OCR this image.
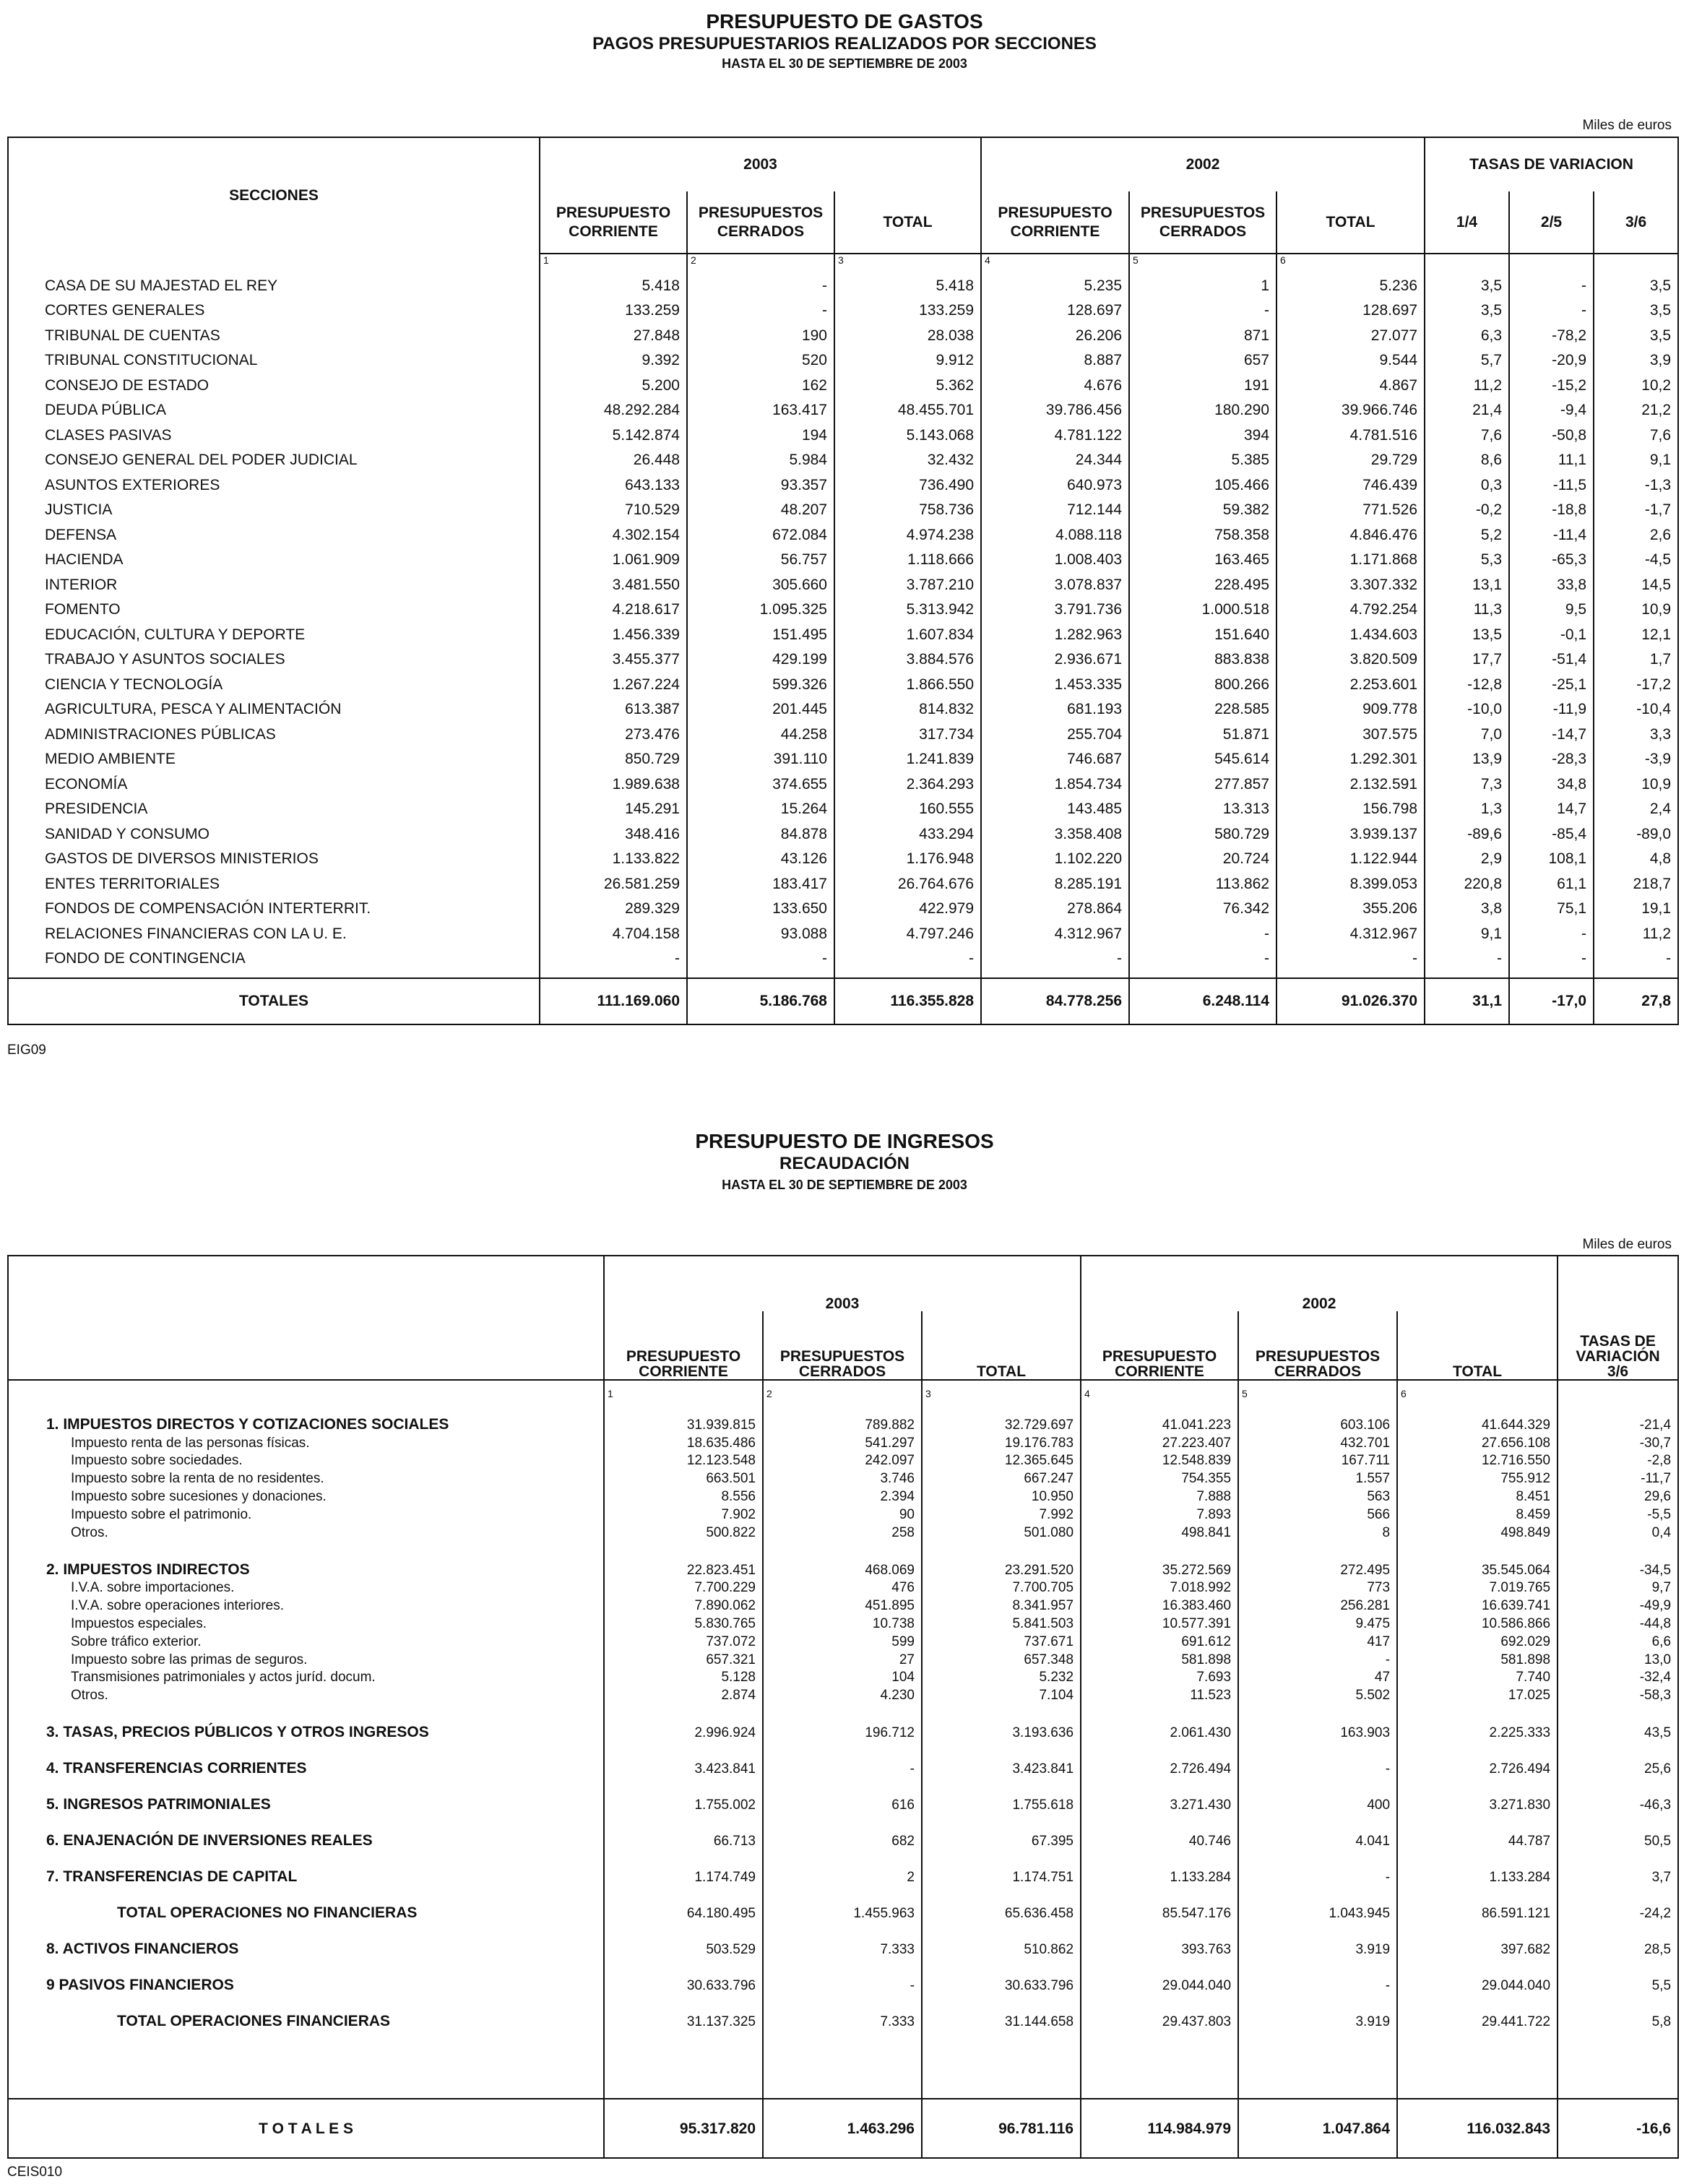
PRESUPUESTO DE GASTOS
PAGOS PRESUPUESTARIOS REALIZADOS POR SECCIONES
HASTA EL 30 DE SEPTIEMBRE DE 2003
Miles de euros
SECCIONES	2003			2002			TASAS DE VARIACION		
	PRESUPUESTO CORRIENTE	PRESUPUESTOS CERRADOS	TOTAL	PRESUPUESTO CORRIENTE	PRESUPUESTOS CERRADOS	TOTAL	1/4	2/5	3/6
	1	2	3	4	5	6			
CASA DE SU MAJESTAD EL REY	5.418	-	5.418	5.235	1	5.236	3,5	-	3,5
CORTES GENERALES	133.259	-	133.259	128.697	-	128.697	3,5	-	3,5
TRIBUNAL DE CUENTAS	27.848	190	28.038	26.206	871	27.077	6,3	-78,2	3,5
TRIBUNAL CONSTITUCIONAL	9.392	520	9.912	8.887	657	9.544	5,7	-20,9	3,9
CONSEJO DE ESTADO	5.200	162	5.362	4.676	191	4.867	11,2	-15,2	10,2
DEUDA PÚBLICA	48.292.284	163.417	48.455.701	39.786.456	180.290	39.966.746	21,4	-9,4	21,2
CLASES PASIVAS	5.142.874	194	5.143.068	4.781.122	394	4.781.516	7,6	-50,8	7,6
CONSEJO GENERAL DEL PODER JUDICIAL	26.448	5.984	32.432	24.344	5.385	29.729	8,6	11,1	9,1
ASUNTOS EXTERIORES	643.133	93.357	736.490	640.973	105.466	746.439	0,3	-11,5	-1,3
JUSTICIA	710.529	48.207	758.736	712.144	59.382	771.526	-0,2	-18,8	-1,7
DEFENSA	4.302.154	672.084	4.974.238	4.088.118	758.358	4.846.476	5,2	-11,4	2,6
HACIENDA	1.061.909	56.757	1.118.666	1.008.403	163.465	1.171.868	5,3	-65,3	-4,5
INTERIOR	3.481.550	305.660	3.787.210	3.078.837	228.495	3.307.332	13,1	33,8	14,5
FOMENTO	4.218.617	1.095.325	5.313.942	3.791.736	1.000.518	4.792.254	11,3	9,5	10,9
EDUCACIÓN, CULTURA Y DEPORTE	1.456.339	151.495	1.607.834	1.282.963	151.640	1.434.603	13,5	-0,1	12,1
TRABAJO Y ASUNTOS SOCIALES	3.455.377	429.199	3.884.576	2.936.671	883.838	3.820.509	17,7	-51,4	1,7
CIENCIA Y TECNOLOGÍA	1.267.224	599.326	1.866.550	1.453.335	800.266	2.253.601	-12,8	-25,1	-17,2
AGRICULTURA, PESCA Y ALIMENTACIÓN	613.387	201.445	814.832	681.193	228.585	909.778	-10,0	-11,9	-10,4
ADMINISTRACIONES PÚBLICAS	273.476	44.258	317.734	255.704	51.871	307.575	7,0	-14,7	3,3
MEDIO AMBIENTE	850.729	391.110	1.241.839	746.687	545.614	1.292.301	13,9	-28,3	-3,9
ECONOMÍA	1.989.638	374.655	2.364.293	1.854.734	277.857	2.132.591	7,3	34,8	10,9
PRESIDENCIA	145.291	15.264	160.555	143.485	13.313	156.798	1,3	14,7	2,4
SANIDAD Y CONSUMO	348.416	84.878	433.294	3.358.408	580.729	3.939.137	-89,6	-85,4	-89,0
GASTOS DE DIVERSOS MINISTERIOS	1.133.822	43.126	1.176.948	1.102.220	20.724	1.122.944	2,9	108,1	4,8
ENTES TERRITORIALES	26.581.259	183.417	26.764.676	8.285.191	113.862	8.399.053	220,8	61,1	218,7
FONDOS DE COMPENSACIÓN INTERTERRIT.	289.329	133.650	422.979	278.864	76.342	355.206	3,8	75,1	19,1
RELACIONES FINANCIERAS CON LA U. E.	4.704.158	93.088	4.797.246	4.312.967	-	4.312.967	9,1	-	11,2
FONDO DE CONTINGENCIA	-	-	-	-	-	-	-	-	-

TOTALES	111.169.060	5.186.768	116.355.828	84.778.256	6.248.114	91.026.370	31,1	-17,0	27,8
EIG09
PRESUPUESTO DE INGRESOS
RECAUDACIÓN
HASTA EL 30 DE SEPTIEMBRE DE 2003
Miles de euros
	2003			2002			TASAS DE VARIACIÓN 3/6
	PRESUPUESTO CORRIENTE	PRESUPUESTOS CERRADOS	TOTAL	PRESUPUESTO CORRIENTE	PRESUPUESTOS CERRADOS	TOTAL	
	1	2	3	4	5	6	

1. IMPUESTOS DIRECTOS Y COTIZACIONES SOCIALES	31.939.815	789.882	32.729.697	41.041.223	603.106	41.644.329	-21,4
Impuesto renta de las personas físicas.	18.635.486	541.297	19.176.783	27.223.407	432.701	27.656.108	-30,7
Impuesto sobre sociedades.	12.123.548	242.097	12.365.645	12.548.839	167.711	12.716.550	-2,8
Impuesto sobre la renta de no residentes.	663.501	3.746	667.247	754.355	1.557	755.912	-11,7
Impuesto sobre sucesiones y donaciones.	8.556	2.394	10.950	7.888	563	8.451	29,6
Impuesto sobre el patrimonio.	7.902	90	7.992	7.893	566	8.459	-5,5
Otros.	500.822	258	501.080	498.841	8	498.849	0,4

2. IMPUESTOS INDIRECTOS	22.823.451	468.069	23.291.520	35.272.569	272.495	35.545.064	-34,5
I.V.A. sobre importaciones.	7.700.229	476	7.700.705	7.018.992	773	7.019.765	9,7
I.V.A. sobre operaciones interiores.	7.890.062	451.895	8.341.957	16.383.460	256.281	16.639.741	-49,9
Impuestos especiales.	5.830.765	10.738	5.841.503	10.577.391	9.475	10.586.866	-44,8
Sobre tráfico exterior.	737.072	599	737.671	691.612	417	692.029	6,6
Impuesto sobre las primas de seguros.	657.321	27	657.348	581.898	-	581.898	13,0
Transmisiones patrimoniales y actos juríd. docum.	5.128	104	5.232	7.693	47	7.740	-32,4
Otros.	2.874	4.230	7.104	11.523	5.502	17.025	-58,3

3. TASAS, PRECIOS PÚBLICOS Y OTROS INGRESOS	2.996.924	196.712	3.193.636	2.061.430	163.903	2.225.333	43,5

4. TRANSFERENCIAS CORRIENTES	3.423.841	-	3.423.841	2.726.494	-	2.726.494	25,6

5. INGRESOS PATRIMONIALES	1.755.002	616	1.755.618	3.271.430	400	3.271.830	-46,3

6. ENAJENACIÓN DE INVERSIONES REALES	66.713	682	67.395	40.746	4.041	44.787	50,5

7. TRANSFERENCIAS DE CAPITAL	1.174.749	2	1.174.751	1.133.284	-	1.133.284	3,7

TOTAL OPERACIONES NO FINANCIERAS	64.180.495	1.455.963	65.636.458	85.547.176	1.043.945	86.591.121	-24,2

8. ACTIVOS FINANCIEROS	503.529	7.333	510.862	393.763	3.919	397.682	28,5

9 PASIVOS FINANCIEROS	30.633.796	-	30.633.796	29.044.040	-	29.044.040	5,5

TOTAL OPERACIONES FINANCIERAS	31.137.325	7.333	31.144.658	29.437.803	3.919	29.441.722	5,8

T O T A L E S	95.317.820	1.463.296	96.781.116	114.984.979	1.047.864	116.032.843	-16,6
CEIS010
